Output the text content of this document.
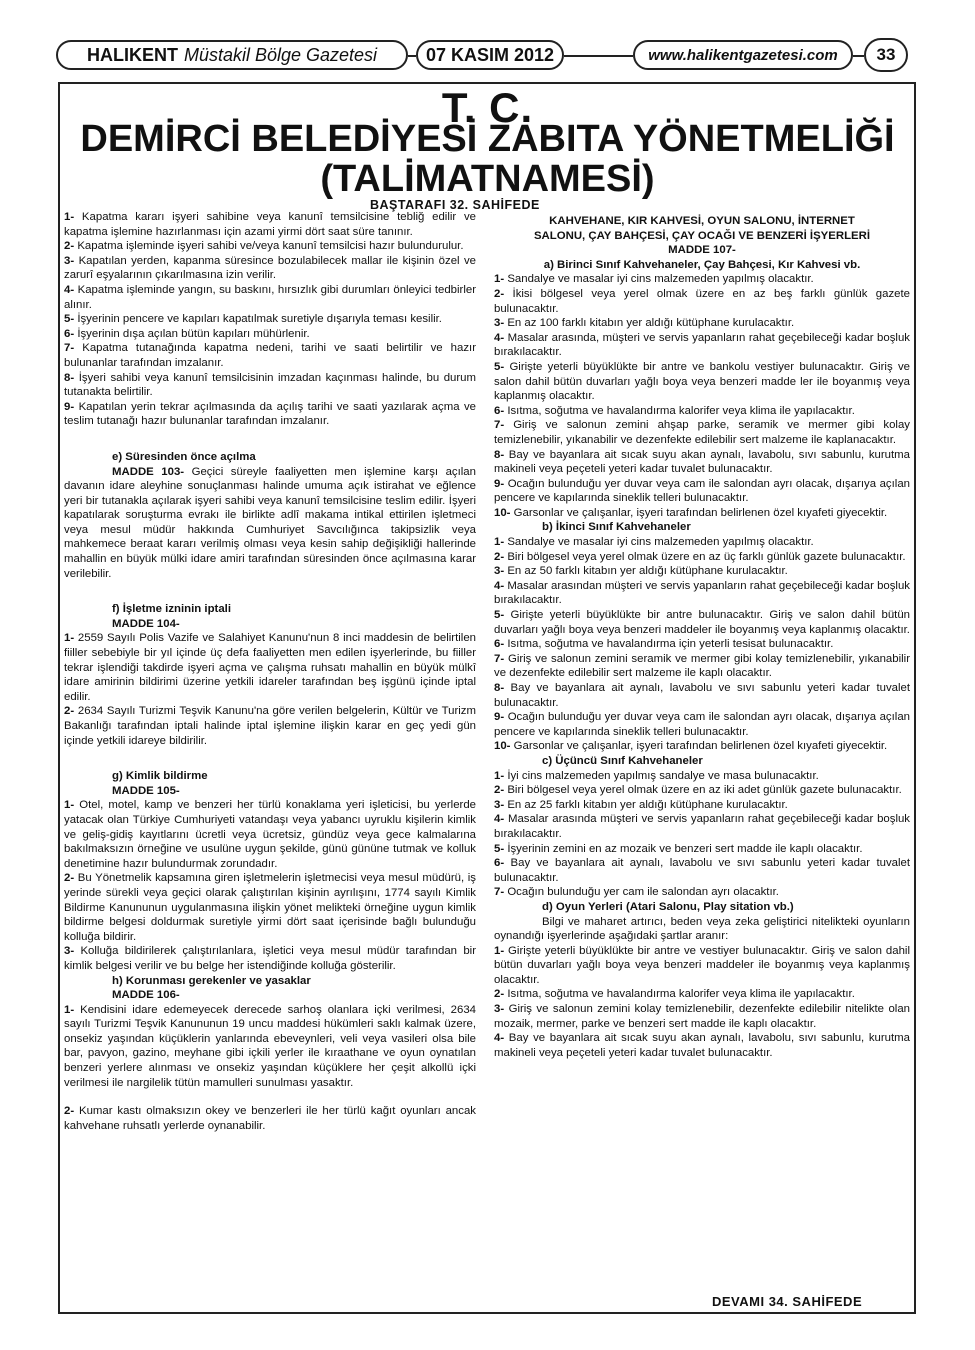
HALIKENT Müstakil Bölge Gazetesi	07 KASIM 2012	www.halikentgazetesi.com	33
T. C.
DEMİRCİ BELEDİYESİ ZABITA YÖNETMELİĞİ
(TALİMATNAMESİ)
BAŞTARAFI 32. SAHİFEDE

1- Kapatma kararı işyeri sahibine veya kanunî temsilcisine tebliğ edilir ve kapatma işlemine hazırlanması için azami yirmi dört saat süre tanınır.

2- Kapatma işleminde işyeri sahibi ve/veya kanunî temsilcisi hazır bulundurulur.

3- Kapatılan yerden, kapanma süresince bozulabilecek mallar ile kişinin özel ve zarurî eşyalarının çıkarılmasına izin verilir.

4- Kapatma işleminde yangın, su baskını, hırsızlık gibi durumları önleyici tedbirler alınır.

5- İşyerinin pencere ve kapıları kapatılmak suretiyle dışarıyla teması kesilir.

6- İşyerinin dışa açılan bütün kapıları mühürlenir.

7- Kapatma tutanağında kapatma nedeni, tarihi ve saati belirtilir ve hazır bulunanlar tarafından imzalanır.

8- İşyeri sahibi veya kanunî temsilcisinin imzadan kaçınması halinde, bu durum tutanakta belirtilir.

9- Kapatılan yerin tekrar açılmasında da açılış tarihi ve saati yazılarak açma ve teslim tutanağı hazır bulunanlar tarafından imzalanır.

e) Süresinden önce açılma

MADDE 103- Geçici süreyle faaliyetten men işlemine karşı açılan davanın idare aleyhine sonuçlanması halinde umuma açık istirahat ve eğlence yeri bir tutanakla açılarak işyeri sahibi veya kanunî temsilcisine teslim edilir. İşyeri kapatılarak soruşturma evrakı ile birlikte adlî makama intikal ettirilen işletmeci veya mesul müdür hakkında Cumhuriyet Savcılığınca takipsizlik veya mahkemece beraat kararı verilmiş olması veya kesin sahip değişikliği hallerinde mahallin en büyük mülki idare amiri tarafından süresinden önce açılmasına karar verilebilir.

f) İşletme izninin iptali

MADDE 104-

1- 2559 Sayılı Polis Vazife ve Salahiyet Kanunu'nun 8 inci maddesin de belirtilen fiiller sebebiyle bir yıl içinde üç defa faaliyetten men edilen işyerlerinde, bu fiiller tekrar işlendiği takdirde işyeri açma ve çalışma ruhsatı mahallin en büyük mülkî idare amirinin bildirimi üzerine yetkili idareler tarafından beş işgünü içinde iptal edilir.

2- 2634 Sayılı Turizmi Teşvik Kanunu'na göre verilen belgelerin, Kültür ve Turizm Bakanlığı tarafından iptali halinde iptal işlemine ilişkin karar en geç yedi gün içinde yetkili idareye bildirilir.

g) Kimlik bildirme

MADDE 105-

1- Otel, motel, kamp ve benzeri her türlü konaklama yeri işleticisi, bu yerlerde yatacak olan Türkiye Cumhuriyeti vatandaşı veya yabancı uyruklu kişilerin kimlik ve geliş-gidiş kayıtlarını ücretli veya ücretsiz, gündüz veya gece kalmalarına bakılmaksızın örneğine ve usulüne uygun şekilde, günü gününe tutmak ve kolluk denetimine hazır bulundurmak zorundadır.

2- Bu Yönetmelik kapsamına giren işletmelerin işletmecisi veya mesul müdürü, iş yerinde sürekli veya geçici olarak çalıştırılan kişinin ayrılışını, 1774 sayılı Kimlik Bildirme Kanununun uygulanmasına ilişkin yönet melikteki örneğine uygun kimlik bildirme belgesi doldurmak suretiyle yirmi dört saat içerisinde bağlı bulunduğu kolluğa bildirir.

3- Kolluğa bildirilerek çalıştırılanlara, işletici veya mesul müdür tarafından bir kimlik belgesi verilir ve bu belge her istendiğinde kolluğa gösterilir.

h) Korunması gerekenler ve yasaklar

MADDE 106-

1- Kendisini idare edemeyecek derecede sarhoş olanlara içki verilmesi, 2634 sayılı Turizmi Teşvik Kanununun 19 uncu maddesi hükümleri saklı kalmak üzere, onsekiz yaşından küçüklerin yanlarında ebeveynleri, veli veya vasileri olsa bile bar, pavyon, gazino, meyhane gibi içkili yerler ile kıraathane ve oyun oynatılan benzeri yerlere alınması ve onsekiz yaşından küçüklere her çeşit alkollü içki verilmesi ile nargilelik tütün mamulleri sunulması yasaktır.

2- Kumar kastı olmaksızın okey ve benzerleri ile her türlü kağıt oyunları ancak kahvehane ruhsatlı yerlerde oynanabilir.

KAHVEHANE, KIR KAHVESİ, OYUN SALONU, İNTERNET

SALONU, ÇAY BAHÇESİ, ÇAY OCAĞI VE BENZERİ İŞYERLERİ

MADDE 107-

a) Birinci Sınıf Kahvehaneler, Çay Bahçesi, Kır Kahvesi vb.

1- Sandalye ve masalar iyi cins malzemeden yapılmış olacaktır.

2- İkisi bölgesel veya yerel olmak üzere en az beş farklı günlük gazete bulunacaktır.

3- En az 100 farklı kitabın yer aldığı kütüphane kurulacaktır.

4- Masalar arasında, müşteri ve servis yapanların rahat geçebileceği kadar boşluk bırakılacaktır.

5- Girişte yeterli büyüklükte bir antre ve bankolu vestiyer bulunacaktır. Giriş ve salon dahil bütün duvarları yağlı boya veya benzeri madde ler ile boyanmış veya kaplanmış olacaktır.

6- Isıtma, soğutma ve havalandırma kalorifer veya klima ile yapılacaktır.

7- Giriş ve salonun zemini ahşap parke, seramik ve mermer gibi kolay temizlenebilir, yıkanabilir ve dezenfekte edilebilir sert malzeme ile kaplanacaktır.

8- Bay ve bayanlara ait sıcak suyu akan aynalı, lavabolu, sıvı sabunlu, kurutma makineli veya peçeteli yeteri kadar tuvalet bulunacaktır.

9- Ocağın bulunduğu yer duvar veya cam ile salondan ayrı olacak, dışarıya açılan pencere ve kapılarında sineklik telleri bulunacaktır.

10- Garsonlar ve çalışanlar, işyeri tarafından belirlenen özel kıyafeti giyecektir.

b) İkinci Sınıf Kahvehaneler

1- Sandalye ve masalar iyi cins malzemeden yapılmış olacaktır.

2- Biri bölgesel veya yerel olmak üzere en az üç farklı günlük gazete bulunacaktır.

3- En az 50 farklı kitabın yer aldığı kütüphane kurulacaktır.

4- Masalar arasından müşteri ve servis yapanların rahat geçebileceği kadar boşluk bırakılacaktır.

5- Girişte yeterli büyüklükte bir antre bulunacaktır. Giriş ve salon dahil bütün duvarları yağlı boya veya benzeri maddeler ile boyanmış veya kaplanmış olacaktır.

6- Isıtma, soğutma ve havalandırma için yeterli tesisat bulunacaktır.

7- Giriş ve salonun zemini seramik ve mermer gibi kolay temizlenebilir, yıkanabilir ve dezenfekte edilebilir sert malzeme ile kaplı olacaktır.

8- Bay ve bayanlara ait aynalı, lavabolu ve sıvı sabunlu yeteri kadar tuvalet bulunacaktır.

9- Ocağın bulunduğu yer duvar veya cam ile salondan ayrı olacak, dışarıya açılan pencere ve kapılarında sineklik telleri bulunacaktır.

10- Garsonlar ve çalışanlar, işyeri tarafından belirlenen özel kıyafeti giyecektir.

c) Üçüncü Sınıf Kahvehaneler

1- İyi cins malzemeden yapılmış sandalye ve masa bulunacaktır.

2- Biri bölgesel veya yerel olmak üzere en az iki adet günlük gazete bulunacaktır.

3- En az 25 farklı kitabın yer aldığı kütüphane kurulacaktır.

4- Masalar arasında müşteri ve servis yapanların rahat geçebileceği kadar boşluk bırakılacaktır.

5- İşyerinin zemini en az mozaik ve benzeri sert madde ile kaplı olacaktır.

6- Bay ve bayanlara ait aynalı, lavabolu ve sıvı sabunlu yeteri kadar tuvalet bulunacaktır.

7- Ocağın bulunduğu yer cam ile salondan ayrı olacaktır.

d) Oyun Yerleri (Atari Salonu, Play sitation vb.)

Bilgi ve maharet artırıcı, beden veya zeka geliştirici nitelikteki oyunların oynandığı işyerlerinde aşağıdaki şartlar aranır:

1- Girişte yeterli büyüklükte bir antre ve vestiyer bulunacaktır. Giriş ve salon dahil bütün duvarları yağlı boya veya benzeri maddeler ile boyanmış veya kaplanmış olacaktır.

2- Isıtma, soğutma ve havalandırma kalorifer veya klima ile yapılacaktır.

3- Giriş ve salonun zemini kolay temizlenebilir, dezenfekte edilebilir nitelikte olan mozaik, mermer, parke ve benzeri sert madde ile kaplı olacaktır.

4- Bay ve bayanlara ait sıcak suyu akan aynalı, lavabolu, sıvı sabunlu, kurutma makineli veya peçeteli yeteri kadar tuvalet bulunacaktır.

DEVAMI 34. SAHİFEDE
